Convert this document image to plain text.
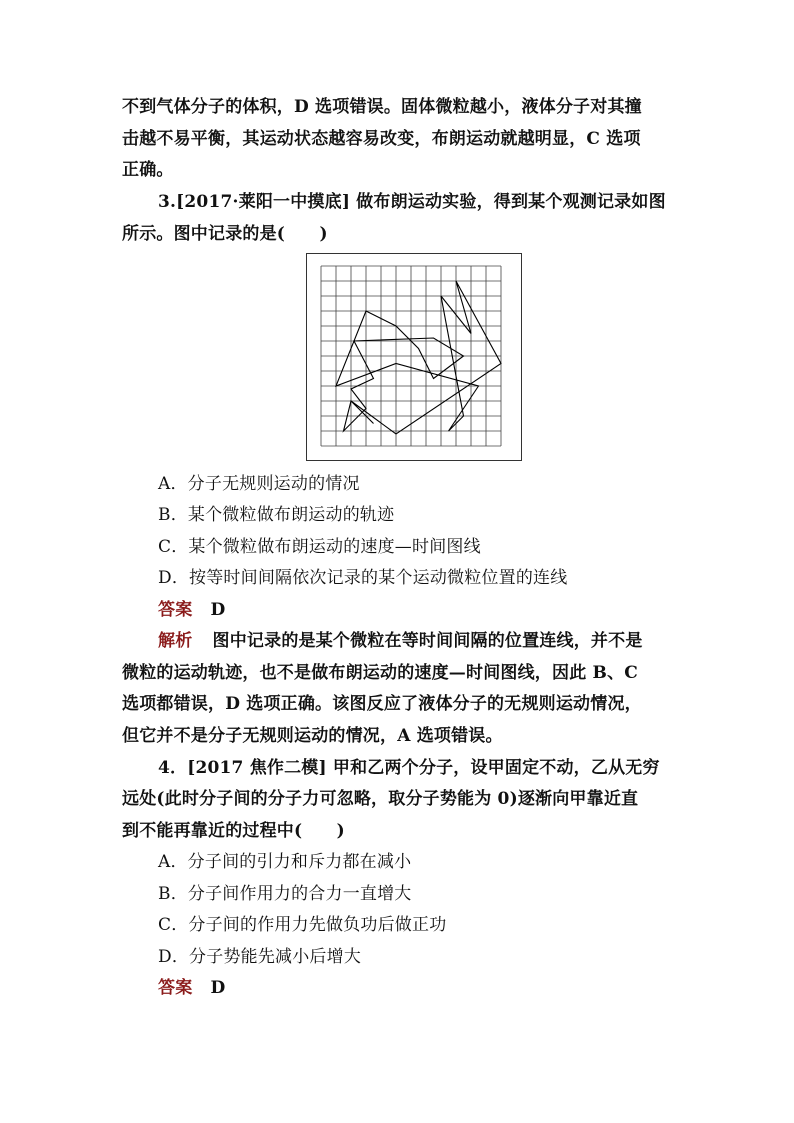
不到气体分子的体积，D 选项错误。固体微粒越小，液体分子对其撞
击越不易平衡，其运动状态越容易改变，布朗运动就越明显，C 选项
正确。
3.[2017·莱阳一中摸底] 做布朗运动实验，得到某个观测记录如图
所示。图中记录的是(　　)
A．分子无规则运动的情况
B．某个微粒做布朗运动的轨迹
C．某个微粒做布朗运动的速度—时间图线
D．按等时间间隔依次记录的某个运动微粒位置的连线
答案 D
解析 图中记录的是某个微粒在等时间间隔的位置连线，并不是
微粒的运动轨迹，也不是做布朗运动的速度—时间图线，因此 B、C
选项都错误，D 选项正确。该图反应了液体分子的无规则运动情况，
但它并不是分子无规则运动的情况，A 选项错误。
4．[2017 焦作二模] 甲和乙两个分子，设甲固定不动，乙从无穷
远处(此时分子间的分子力可忽略，取分子势能为 0)逐渐向甲靠近直
到不能再靠近的过程中(　　)
A．分子间的引力和斥力都在减小
B．分子间作用力的合力一直增大
C．分子间的作用力先做负功后做正功
D．分子势能先减小后增大
答案 D
